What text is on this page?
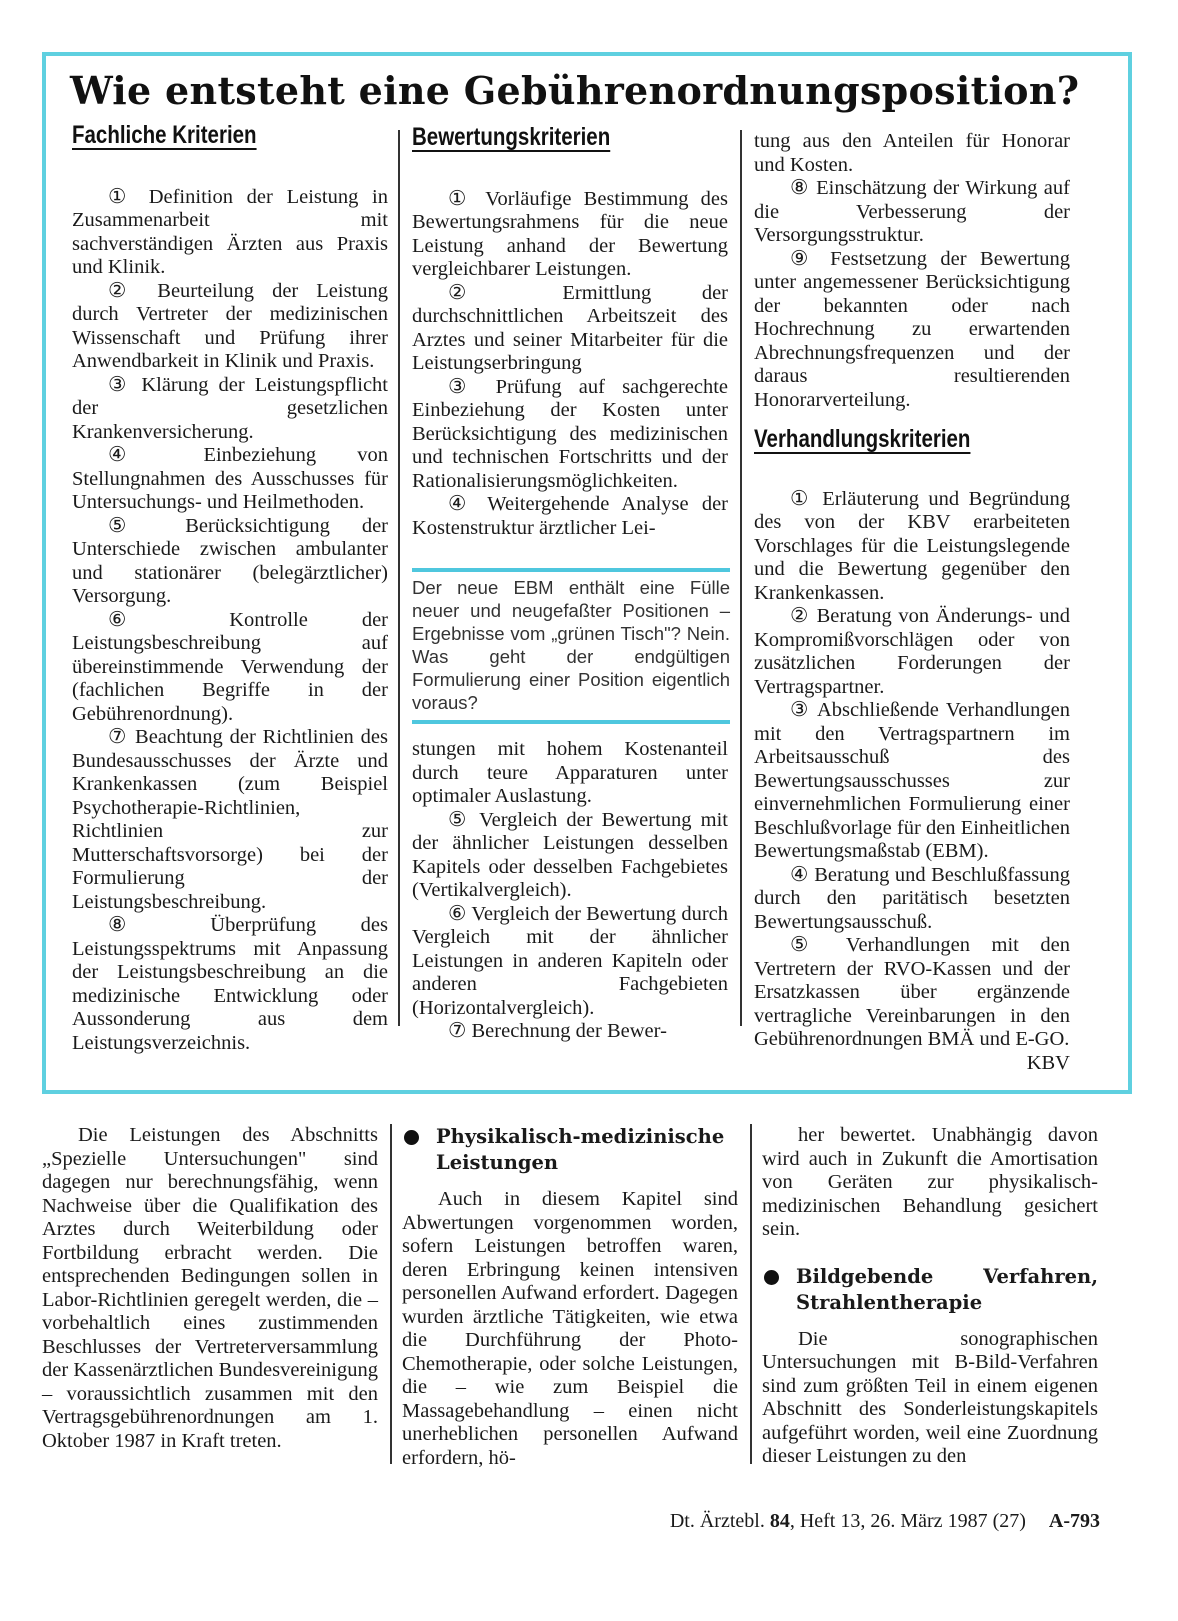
Wie entsteht eine Gebührenordnungsposition?
Fachliche Kriterien

① Definition der Leistung in Zusammenarbeit mit sachverständigen Ärzten aus Praxis und Klinik.

② Beurteilung der Leistung durch Vertreter der medizinischen Wissenschaft und Prüfung ihrer Anwendbarkeit in Klinik und Praxis.

③ Klärung der Leistungspflicht der gesetzlichen Krankenversicherung.

④ Einbeziehung von Stellungnahmen des Ausschusses für Untersuchungs- und Heilmethoden.

⑤ Berücksichtigung der Unterschiede zwischen ambulanter und stationärer (belegärztlicher) Versorgung.

⑥ Kontrolle der Leistungsbeschreibung auf übereinstimmende Verwendung der (fachlichen Begriffe in der Gebührenordnung).

⑦ Beachtung der Richtlinien des Bundesausschusses der Ärzte und Krankenkassen (zum Beispiel Psychotherapie-Richtlinien, Richtlinien zur Mutterschaftsvorsorge) bei der Formulierung der Leistungsbeschreibung.

⑧ Überprüfung des Leistungsspektrums mit Anpassung der Leistungsbeschreibung an die medizinische Entwicklung oder Aussonderung aus dem Leistungsverzeichnis.

Bewertungskriterien

① Vorläufige Bestimmung des Bewertungsrahmens für die neue Leistung anhand der Bewertung vergleichbarer Leistungen.

② Ermittlung der durchschnittlichen Arbeitszeit des Arztes und seiner Mitarbeiter für die Leistungserbringung

③ Prüfung auf sachgerechte Einbeziehung der Kosten unter Berücksichtigung des medizinischen und technischen Fortschritts und der Rationalisierungsmöglichkeiten.

④ Weitergehende Analyse der Kostenstruktur ärztlicher Lei-

Der neue EBM enthält eine Fülle neuer und neugefaßter Positionen – Ergebnisse vom „grünen Tisch"? Nein. Was geht der endgültigen Formulierung einer Position eigentlich voraus?

stungen mit hohem Kostenanteil durch teure Apparaturen unter optimaler Auslastung.

⑤ Vergleich der Bewertung mit der ähnlicher Leistungen desselben Kapitels oder desselben Fachgebietes (Vertikalvergleich).

⑥ Vergleich der Bewertung durch Vergleich mit der ähnlicher Leistungen in anderen Kapiteln oder anderen Fachgebieten (Horizontalvergleich).

⑦ Berechnung der Bewer-

tung aus den Anteilen für Honorar und Kosten.

⑧ Einschätzung der Wirkung auf die Verbesserung der Versorgungsstruktur.

⑨ Festsetzung der Bewertung unter angemessener Berücksichtigung der bekannten oder nach Hochrechnung zu erwartenden Abrechnungsfrequenzen und der daraus resultierenden Honorarverteilung.

Verhandlungskriterien

① Erläuterung und Begründung des von der KBV erarbeiteten Vorschlages für die Leistungslegende und die Bewertung gegenüber den Krankenkassen.

② Beratung von Änderungs- und Kompromißvorschlägen oder von zusätzlichen Forderungen der Vertragspartner.

③ Abschließende Verhandlungen mit den Vertragspartnern im Arbeitsausschuß des Bewertungsausschusses zur einvernehmlichen Formulierung einer Beschlußvorlage für den Einheitlichen Bewertungsmaßstab (EBM).

④ Beratung und Beschlußfassung durch den paritätisch besetzten Bewertungsausschuß.

⑤ Verhandlungen mit den Vertretern der RVO-Kassen und der Ersatzkassen über ergänzende vertragliche Vereinbarungen in den Gebührenordnungen BMÄ und E-GO.

KBV

Die Leistungen des Abschnitts „Spezielle Untersuchungen" sind dagegen nur berechnungsfähig, wenn Nachweise über die Qualifikation des Arztes durch Weiterbildung oder Fortbildung erbracht werden. Die entsprechenden Bedingungen sollen in Labor-Richtlinien geregelt werden, die – vorbehaltlich eines zustimmenden Beschlusses der Vertreterversammlung der Kassenärztlichen Bundesvereinigung – voraussichtlich zusammen mit den Vertragsgebührenordnungen am 1. Oktober 1987 in Kraft treten.

Physikalisch-medizinische Leistungen

Auch in diesem Kapitel sind Abwertungen vorgenommen worden, sofern Leistungen betroffen waren, deren Erbringung keinen intensiven personellen Aufwand erfordert. Dagegen wurden ärztliche Tätigkeiten, wie etwa die Durchführung der Photo-Chemotherapie, oder solche Leistungen, die – wie zum Beispiel die Massagebehandlung – einen nicht unerheblichen personellen Aufwand erfordern, hö-

her bewertet. Unabhängig davon wird auch in Zukunft die Amortisation von Geräten zur physikalisch-medizinischen Behandlung gesichert sein.

Bildgebende Verfahren, Strahlentherapie

Die sonographischen Untersuchungen mit B-Bild-Verfahren sind zum größten Teil in einem eigenen Abschnitt des Sonderleistungskapitels aufgeführt worden, weil eine Zuordnung dieser Leistungen zu den

Dt. Ärztebl. 84, Heft 13, 26. März 1987 (27) A-793
